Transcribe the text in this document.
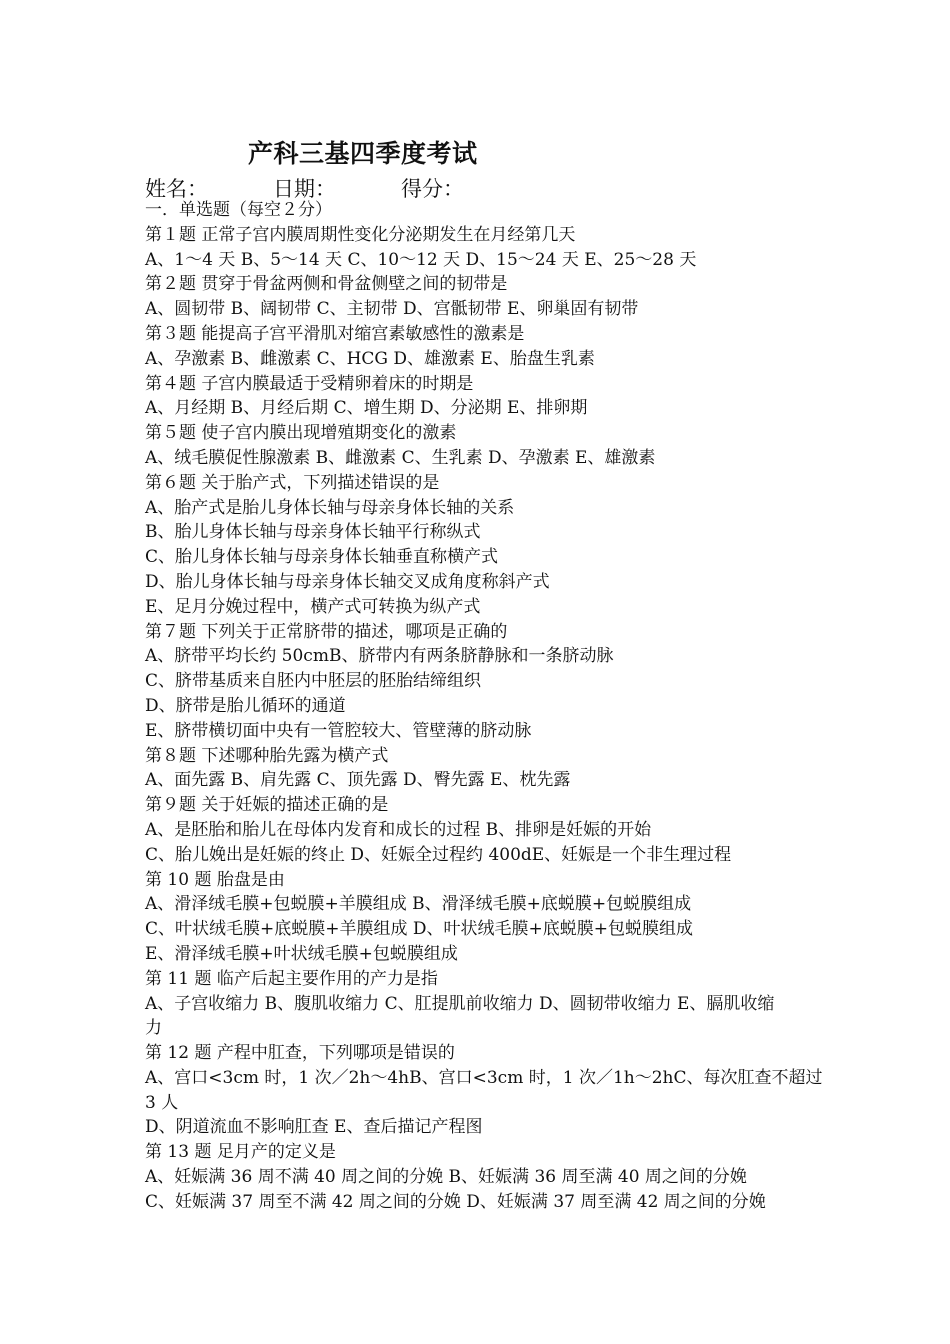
产科三基四季度考试
姓名：	日期：	得分：
一．单选题（每空２分）
第１题 正常子宫内膜周期性变化分泌期发生在月经第几天
A、1～4 天 B、5～14 天 C、10～12 天 D、15～24 天 E、25～28 天
第２题 贯穿于骨盆两侧和骨盆侧壁之间的韧带是
A、圆韧带 B、阔韧带 C、主韧带 D、宫骶韧带 E、卵巢固有韧带
第３题 能提高子宫平滑肌对缩宫素敏感性的激素是
A、孕激素 B、雌激素 C、HCG D、雄激素 E、胎盘生乳素
第４题 子宫内膜最适于受精卵着床的时期是
A、月经期 B、月经后期 C、增生期 D、分泌期 E、排卵期
第５题 使子宫内膜出现增殖期变化的激素
A、绒毛膜促性腺激素 B、雌激素 C、生乳素 D、孕激素 E、雄激素
第６题 关于胎产式，下列描述错误的是
A、胎产式是胎儿身体长轴与母亲身体长轴的关系
B、胎儿身体长轴与母亲身体长轴平行称纵式
C、胎儿身体长轴与母亲身体长轴垂直称横产式
D、胎儿身体长轴与母亲身体长轴交叉成角度称斜产式
E、足月分娩过程中，横产式可转换为纵产式
第７题 下列关于正常脐带的描述，哪项是正确的
A、脐带平均长约 50cmB、脐带内有两条脐静脉和一条脐动脉
C、脐带基质来自胚内中胚层的胚胎结缔组织
D、脐带是胎儿循环的通道
E、脐带横切面中央有一管腔较大、管壁薄的脐动脉
第８题 下述哪种胎先露为横产式
A、面先露 B、肩先露 C、顶先露 D、臀先露 E、枕先露
第９题 关于妊娠的描述正确的是
A、是胚胎和胎儿在母体内发育和成长的过程 B、排卵是妊娠的开始
C、胎儿娩出是妊娠的终止 D、妊娠全过程约 400dE、妊娠是一个非生理过程
第 10 题 胎盘是由
A、滑泽绒毛膜+包蜕膜+羊膜组成 B、滑泽绒毛膜+底蜕膜+包蜕膜组成
C、叶状绒毛膜+底蜕膜+羊膜组成 D、叶状绒毛膜+底蜕膜+包蜕膜组成
E、滑泽绒毛膜+叶状绒毛膜+包蜕膜组成
第 11 题 临产后起主要作用的产力是指
A、子宫收缩力 B、腹肌收缩力 C、肛提肌前收缩力 D、圆韧带收缩力 E、膈肌收缩
力
第 12 题 产程中肛查，下列哪项是错误的
A、宫口<3cm 时，1 次／2h～4hB、宫口<3cm 时，1 次／1h～2hC、每次肛查不超过
3 人
D、阴道流血不影响肛查 E、查后描记产程图
第 13 题 足月产的定义是
A、妊娠满 36 周不满 40 周之间的分娩 B、妊娠满 36 周至满 40 周之间的分娩
C、妊娠满 37 周至不满 42 周之间的分娩 D、妊娠满 37 周至满 42 周之间的分娩
